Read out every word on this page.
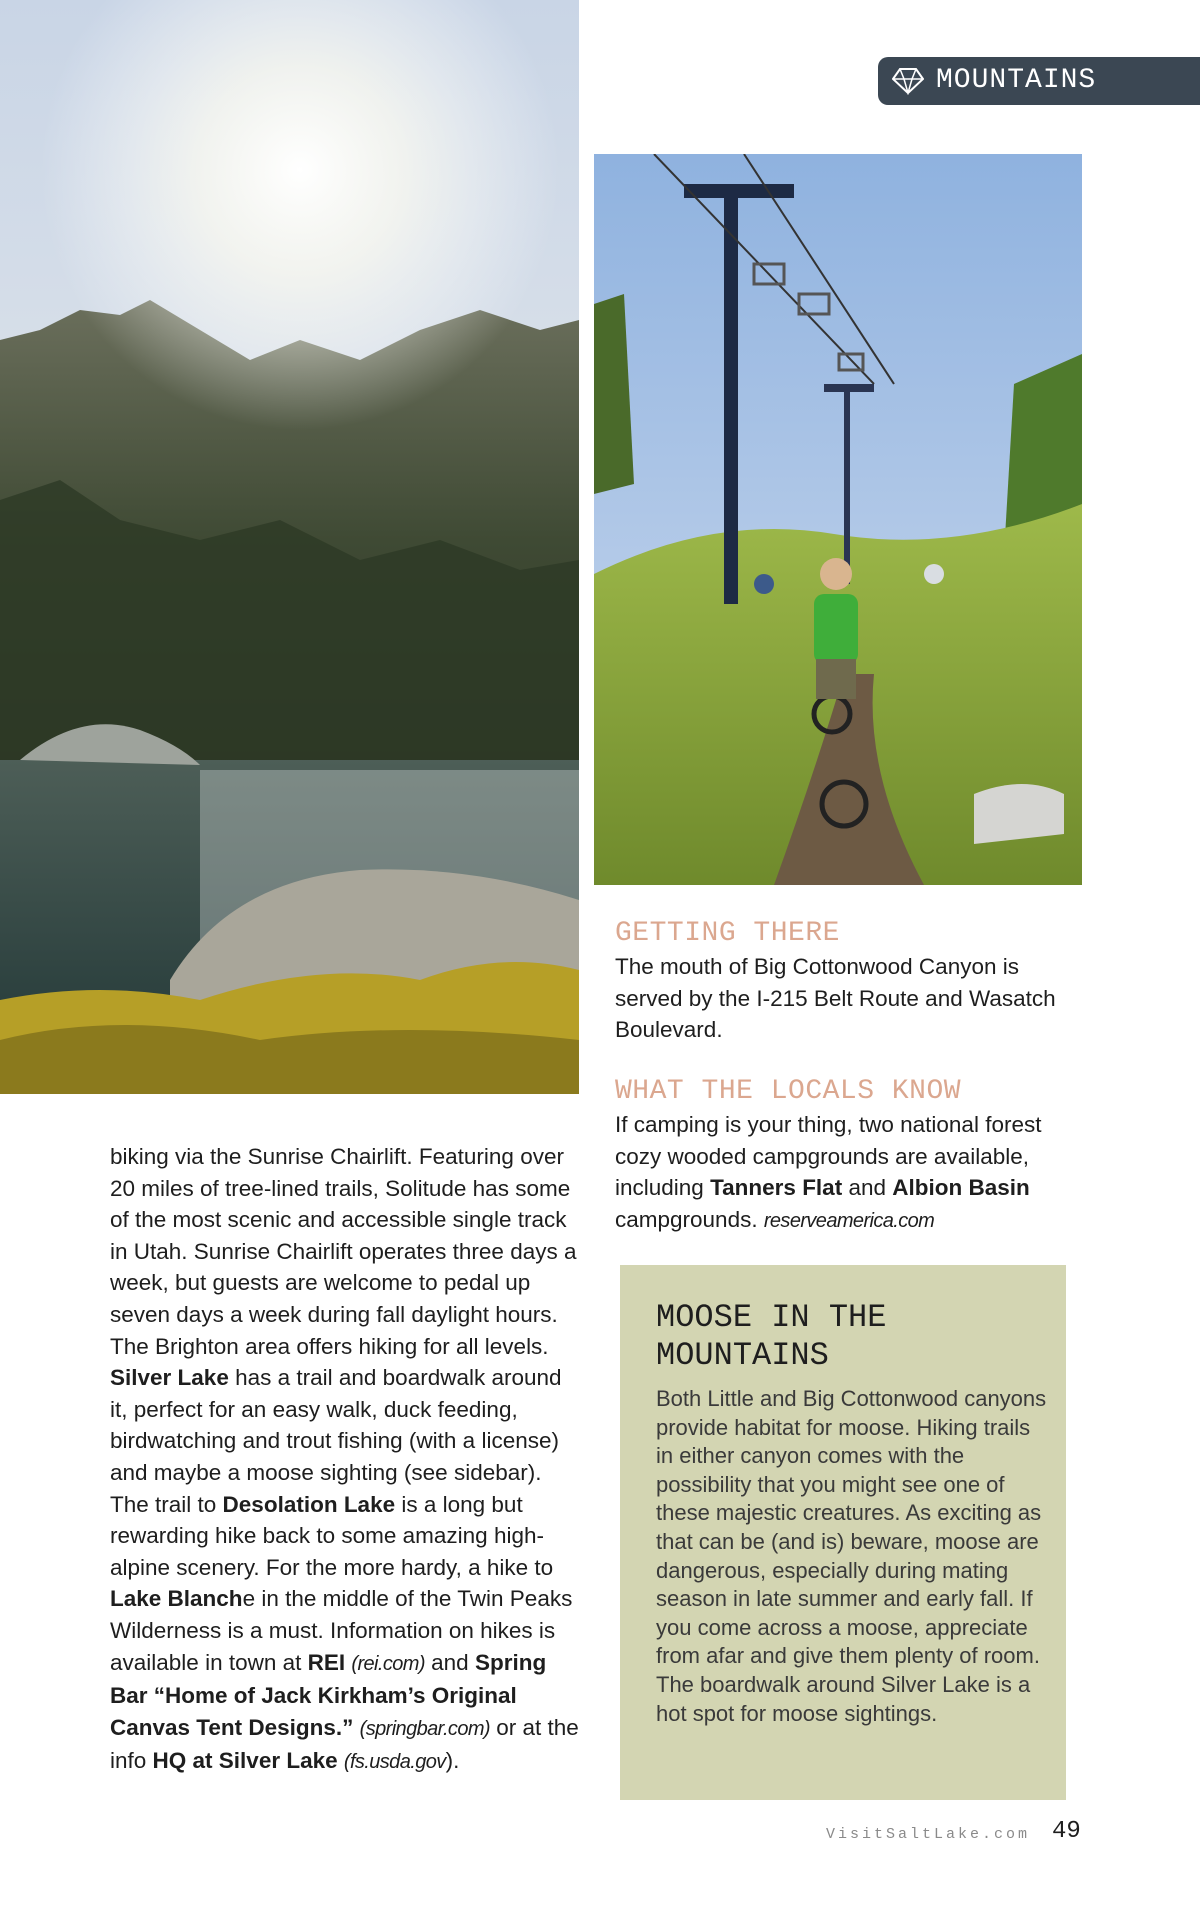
MOUNTAINS

biking via the Sunrise Chairlift. Featuring over 20 miles of tree-lined trails, Solitude has some of the most scenic and accessible single track in Utah. Sunrise Chairlift operates three days a week, but guests are welcome to pedal up seven days a week during fall daylight hours. The Brighton area offers hiking for all levels. Silver Lake has a trail and boardwalk around it, perfect for an easy walk, duck feeding, birdwatching and trout fishing (with a license) and maybe a moose sighting (see sidebar). The trail to Desolation Lake is a long but rewarding hike back to some amazing high-alpine scenery. For the more hardy, a hike to Lake Blanche in the middle of the Twin Peaks Wilderness is a must. Information on hikes is available in town at REI (rei.com) and Spring Bar “Home of Jack Kirkham’s Original Canvas Tent Designs.” (springbar.com) or at the info HQ at Silver Lake (fs.usda.gov).

GETTING THERE

The mouth of Big Cottonwood Canyon is served by the I-215 Belt Route and Wasatch Boulevard.

WHAT THE LOCALS KNOW

If camping is your thing, two national forest cozy wooded campgrounds are available, including Tanners Flat and Albion Basin campgrounds. reserveamerica.com

MOOSE IN THE MOUNTAINS

Both Little and Big Cottonwood canyons provide habitat for moose. Hiking trails in either canyon comes with the possibility that you might see one of these majestic creatures. As exciting as that can be (and is) beware, moose are dangerous, especially during mating season in late summer and early fall. If you come across a moose, appreciate from afar and give them plenty of room. The boardwalk around Silver Lake is a hot spot for moose sightings.

VisitSaltLake.com 49
